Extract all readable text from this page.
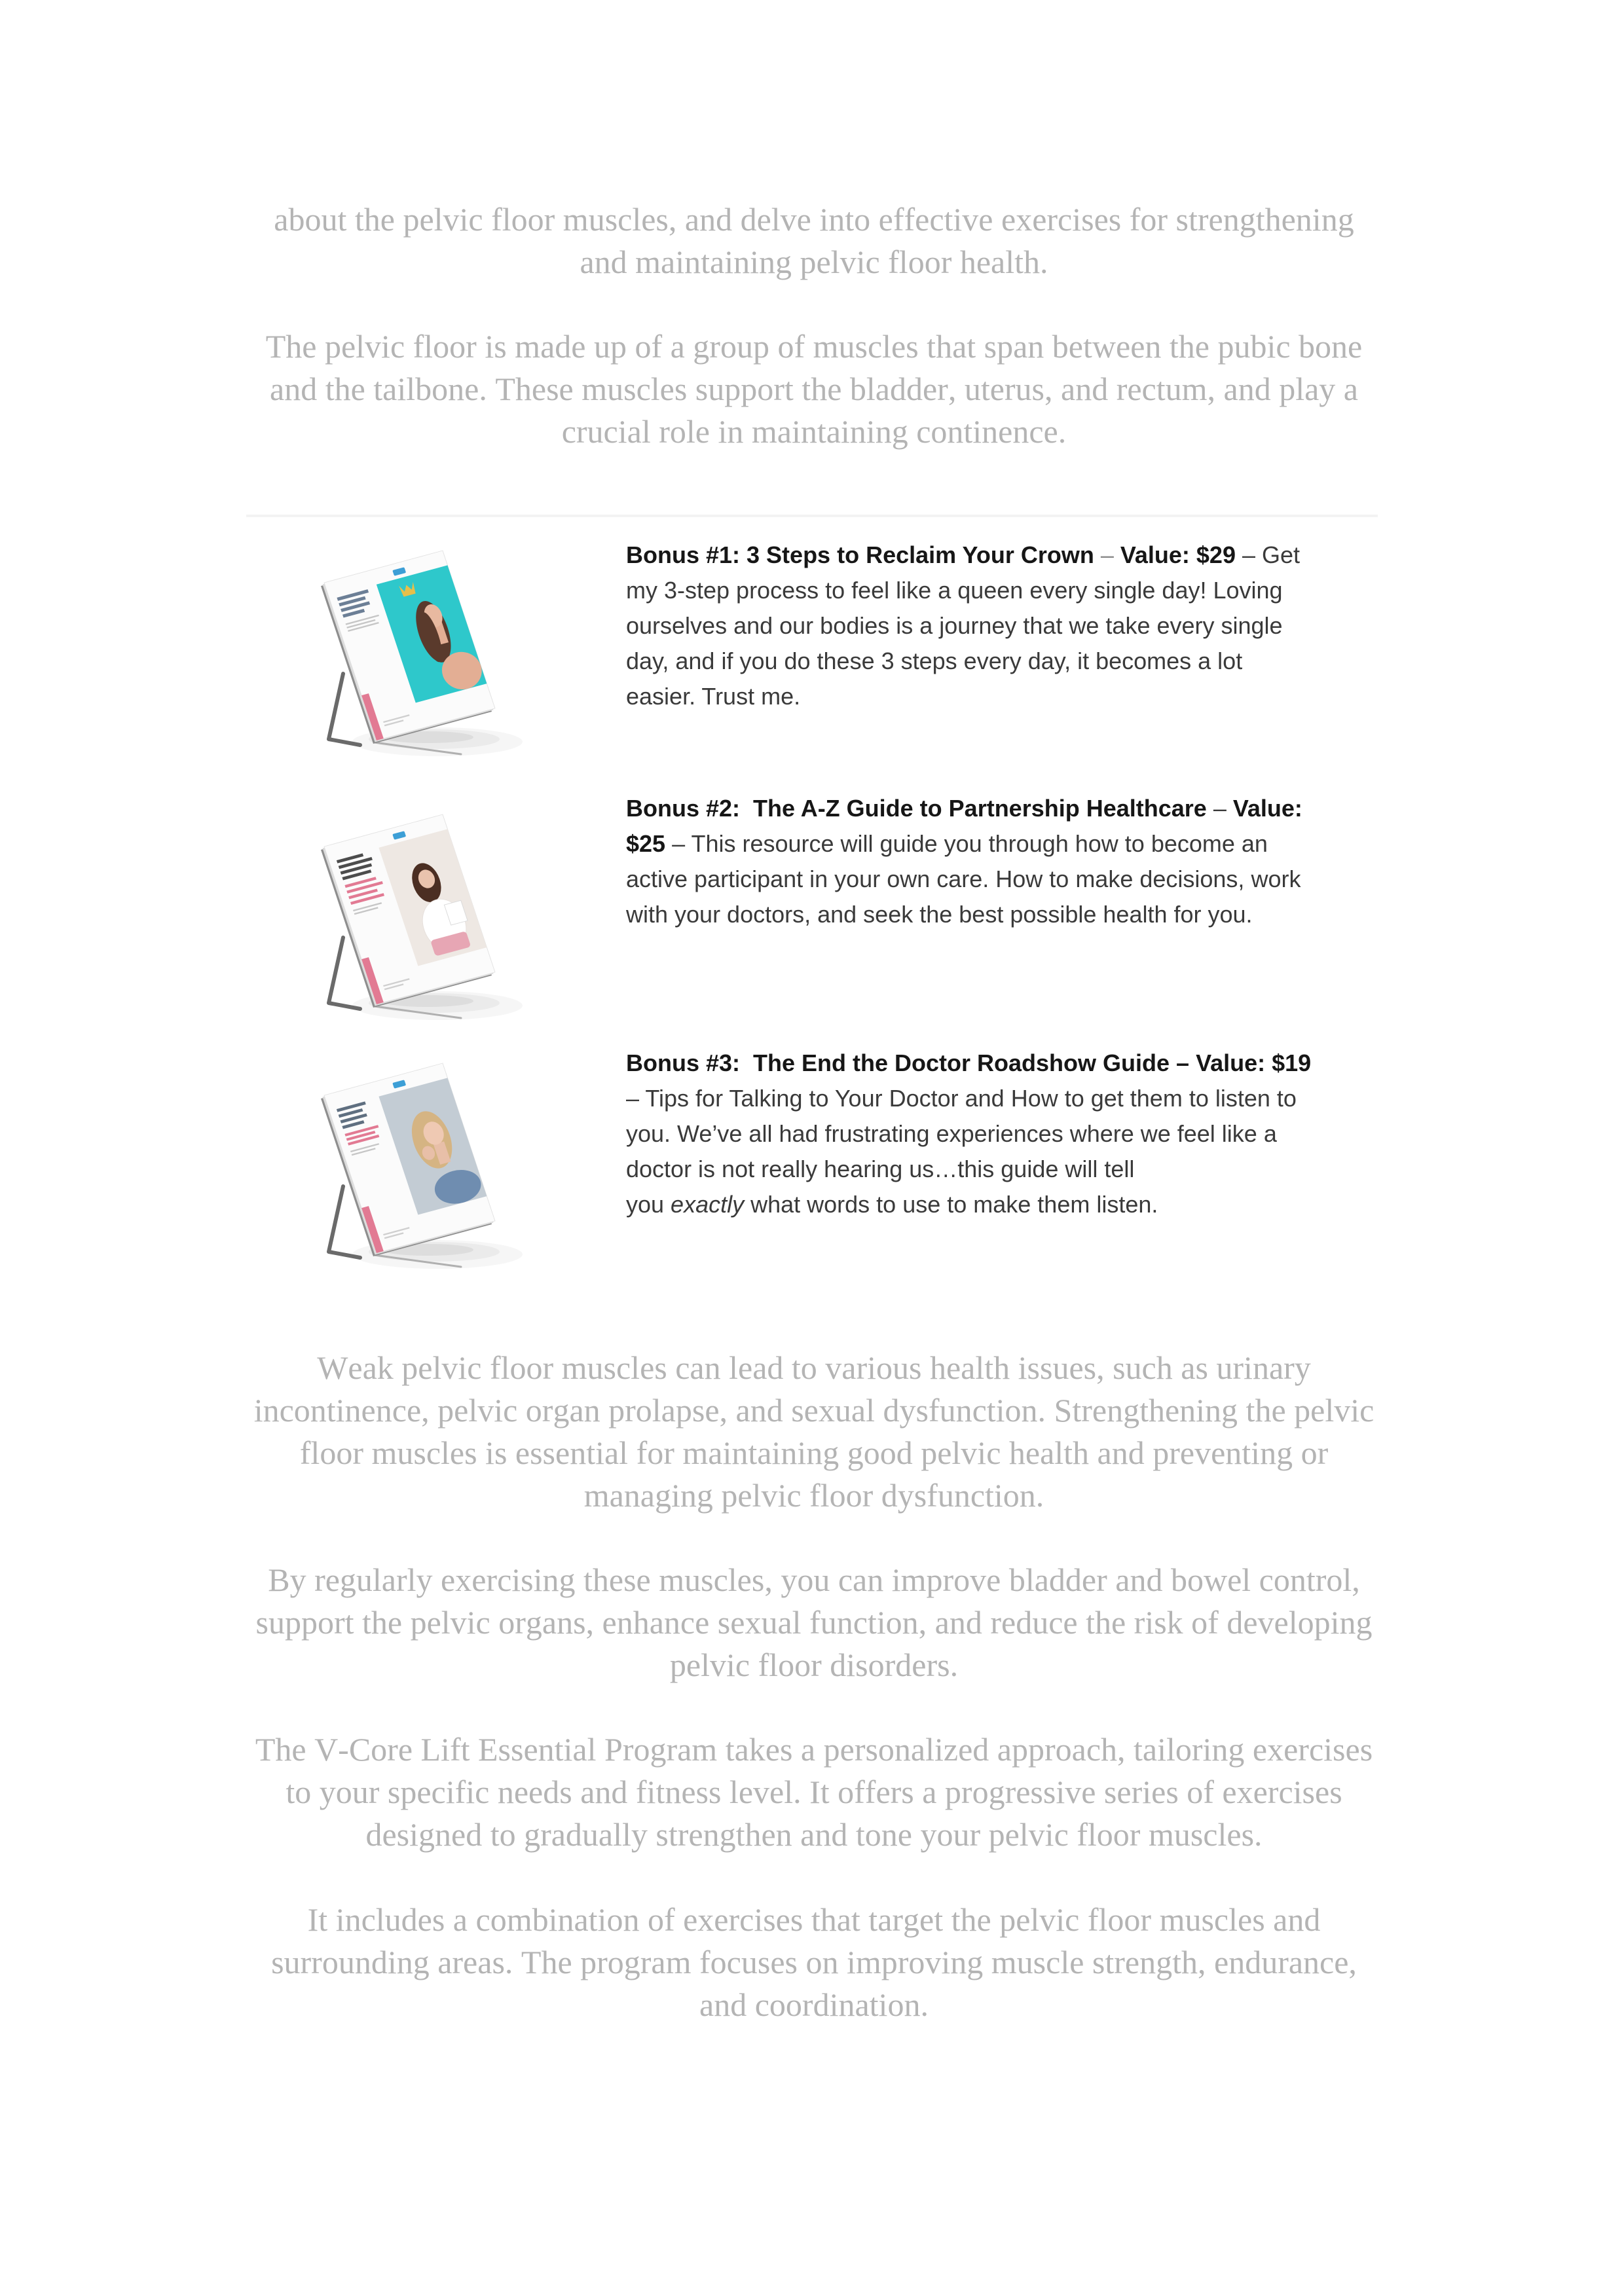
about the pelvic floor muscles, and delve into effective exercises for strengthening
and maintaining pelvic floor health.
The pelvic floor is made up of a group of muscles that span between the pubic bone
and the tailbone. These muscles support the bladder, uterus, and rectum, and play a
crucial role in maintaining continence.
Bonus #1: 3 Steps to Reclaim Your Crown – Value: $29 – Get
my 3-step process to feel like a queen every single day! Loving
ourselves and our bodies is a journey that we take every single
day, and if you do these 3 steps every day, it becomes a lot
easier. Trust me.
Bonus #2:  The A-Z Guide to Partnership Healthcare – Value:
$25 – This resource will guide you through how to become an
active participant in your own care. How to make decisions, work
with your doctors, and seek the best possible health for you.
Bonus #3:  The End the Doctor Roadshow Guide – Value: $19
– Tips for Talking to Your Doctor and How to get them to listen to
you. We’ve all had frustrating experiences where we feel like a
doctor is not really hearing us…this guide will tell
you exactly what words to use to make them listen.
Weak pelvic floor muscles can lead to various health issues, such as urinary
incontinence, pelvic organ prolapse, and sexual dysfunction. Strengthening the pelvic
floor muscles is essential for maintaining good pelvic health and preventing or
managing pelvic floor dysfunction.
By regularly exercising these muscles, you can improve bladder and bowel control,
support the pelvic organs, enhance sexual function, and reduce the risk of developing
pelvic floor disorders.
The V-Core Lift Essential Program takes a personalized approach, tailoring exercises
to your specific needs and fitness level. It offers a progressive series of exercises
designed to gradually strengthen and tone your pelvic floor muscles.
It includes a combination of exercises that target the pelvic floor muscles and
surrounding areas. The program focuses on improving muscle strength, endurance,
and coordination.
